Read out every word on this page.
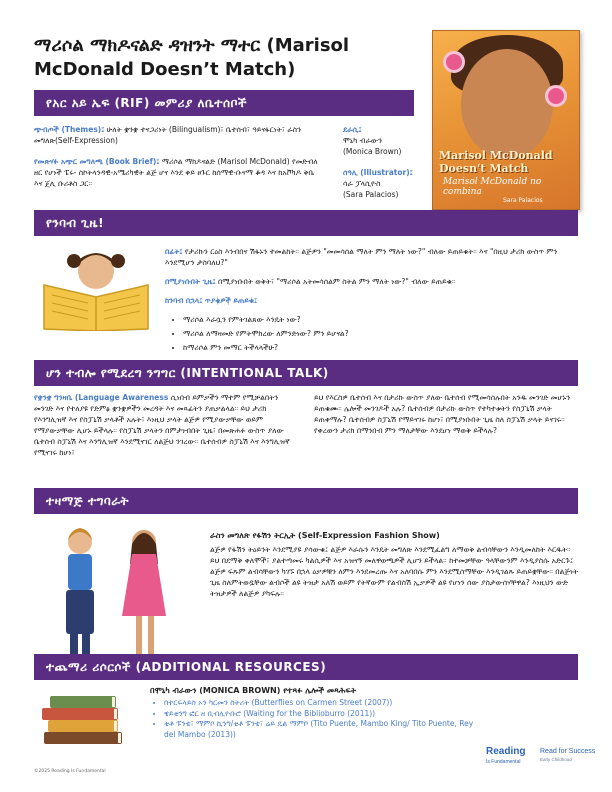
ማሪሶል ማክዶናልድ ዳዝንት ማተር (Marisol McDonald Doesn’t Match)
Marisol McDonald Doesn't Match
Marisol McDonald no combina
Sara Palacios
የአር አይ ኤፍ (RIF) መምሪያ ለቤተሰቦች

ጭብጦች (Themes)፤ ሁለት ቋንቋ ተናጋሪነት (Bilingualism)፣ ቤተሰብ፣ ዓይናፋርነት፣ ራስን መግለጽ(Self-Expression)

የመጽሃፉ አጭር መግለጫ (Book Brief)፤ ማሪሶል ማክዶናልድ (Marisol McDonald) የመድብለ ዘር የሆነች ፔሩ- ስኮትላንዳዊ-አሜሪካዊት ልጅ ሆና እንደ ቀይ ፀጉር ከሰማዊ-ቡናማ ቆዳ እና ከአቮካዶ ቅቤ እና ጄሊ ቡሪቶስ ጋር።

ደራሲ፤
ሞኒካ ብራውን
(Monica Brown)

ሰዓሊ (Illustrator)፤
ሳራ ፓላሲዮስ
(Sara Palacios)

የንባብ ጊዜ!

በፊት፤ የታሪኩን ርዕስ እንብበና ሽፋኑን ተመልከት። ልጅዎን "መመሳሰል ማለት ምን ማለት ነው?" ብለው ይጠይቁት። እና "በዚህ ታሪክ ውስጥ ምን እንደሚሆን ታስባለህ?"

በሚያነቡበት ጊዜ፤ በሚያነቡበት ወቅት፣ "ማሪሶል አትመሳሰልም ስትል ምን ማለት ነው?" ብለው ይጠይቁ።

ከንባብ በኋላ፤ ጥያቄዎች ይጠይቁ፤

• ማሪሶል እራሷን የምትገልጸው እንዴት ነው?
• ማሪሶል ለማዛመድ የምትሞክረው ለምንድነው? ምን ይሆናል?
• ከማሪሶል ምን መማር ትችላላችሁ?
ሆን ተብሎ የሚደረግ ንግግር (INTENTIONAL TALK)
የቋንቋ ግንዛቤ (Language Awareness ሲነበብ ይምቃችን ማተም የሚቻልበትን መንገድ እና የተለያዩ የድምፅ ቋንቋዎችን መረዳት እና መጻፊትን ያጠቃልላል። ይህ ታሪክ የእንግሊዝኛ እና የስፓኒሽ ቃላቶች አሉት፣ እነዚህ ቃላት ልጅዎ የሚያውቃቸው ወይም የማያውቃቸው ሊሆኑ ይችላሉ። የስፓኒሽ ቃላትን በምታነብበት ጊዜ፣ በመጽሐፉ ውስጥ ያለው ቤተሰብ ስፓኒሽ እና እንግሊዝኛ እንደሚናገር ለልጅህ ንገረው። ቤተሰብዎ ስፓኒሽ እና እንግሊዝኛ የሚናገሩ ከሆነ፣
ይህ የእርስዎ ቤተሰብ እና በታሪኩ ውስጥ ያለው ቤተሰብ የሚመሳሰሉበት አንዱ መንገድ መሆኑን ይጠቁሙ። ሌሎች መንገዶች አሉ? ቤተሰብዎ በታሪኩ ውስጥ የተካተቱትን የስፓኒሽ ቃላት ይጠቀማሉ? ቤተሰብዎ ስፓኒሽ የማይናገሩ ከሆነ፣ በሚያነቡበት ጊዜ ስለ ስፓኒሽ ቃላት ይናገሩ። የቀረውን ታሪክ በማንበብ ምን ማለታቸው እንደሆነ ማወቅ ይችላሉ?
ተዛማጅ ተግባራት
ራስን መግለጽ የፋሽን ትርኢት (Self-Expression Fashion Show)
ልጅዎ የፋሽን ትዕይንት እንደሚያዩ ያሳውቁ፤ ልጅዎ እራሱን እንዴት መግለጽ እንደሚፈልግ ለማወቅ ልብሳቸውን እንዲመለከት እርዱት። ይህ በደማቅ ቀለሞች፣ ያልተጣመሩ ካልሲዎች እና አዝናኝ መለዋወጫዎች ሊሆን ይችላል። ከተመቻቸው ዓላቸውንም እንዲያስሱ አድርጉ፤ ልጅዎ ፍጹም ልብሳቸውን ካገኙ በኋላ ዕቃዎቹን ለምን እንደመረጡ እና አለባበሱ ምን እንደሚሰማቸው እንዲገልጹ ይጠይቋቸው። በልጅነት ጊዜ ስለምትወዷቸው ልብሶች ልዩ ትዝታ አለሽ ወይም የትኛውም የልብስሽ ኢቃዎች ልዩ የሆነን ሰው ያስታውሰሃቸዋል? እነዚህን ውድ ትዝታዎች ለልጅዎ ያካፍሉ።
ተጨማሪ ሪሶርሶች (ADDITIONAL RESOURCES)
በሞኒካ ብራውን (MONICA BROWN) የተጻፉ ሌሎች መጻሕፍት
• በተርፍላይስ ኦን ካርመን ስትሪት (Butterflies on Carmen Street (2007))
• ዌይቲንግ ፎር ዘ ቢብሊዮቡሮ (Waiting for the Biblioburro (2011))
• ቲቶ ፑንቴ፣ ማምቦ ኪንግ/ቲቶ ፑንቴ፣ ሬይ ዴል ማምቦ (Tito Puente, Mambo King/ Tito Puente, Rey del Mambo (2013))
©2025 Reading Is Fundamental
Reading
Is Fundamental
Read for Success
Early Childhood
